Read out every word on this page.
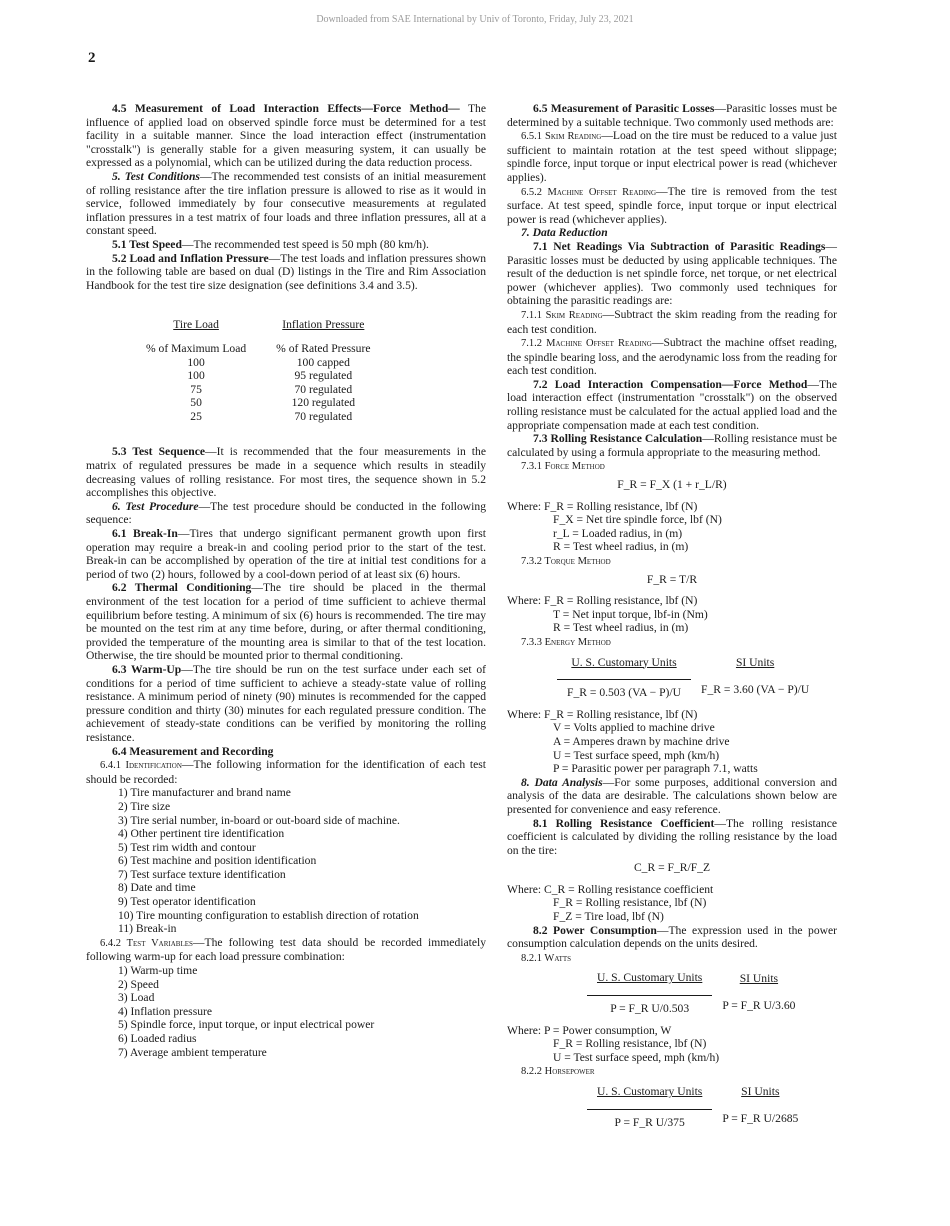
Downloaded from SAE International by Univ of Toronto, Friday, July 23, 2021
2

4.5 Measurement of Load Interaction Effects—Force Method— The influence of applied load on observed spindle force must be determined for a test facility in a suitable manner. Since the load interaction effect (instrumentation "crosstalk") is generally stable for a given measuring system, it can usually be expressed as a polynomial, which can be utilized during the data reduction process.

5. Test Conditions—The recommended test consists of an initial measurement of rolling resistance after the tire inflation pressure is allowed to rise as it would in service, followed immediately by four consecutive measurements at regulated inflation pressures in a test matrix of four loads and three inflation pressures, all at a constant speed.

5.1 Test Speed—The recommended test speed is 50 mph (80 km/h).

5.2 Load and Inflation Pressure—The test loads and inflation pressures shown in the following table are based on dual (D) listings in the Tire and Rim Association Handbook for the test tire size designation (see definitions 3.4 and 3.5).

Tire Load	Inflation Pressure
% of Maximum Load	% of Rated Pressure
100	100 capped
100	95 regulated
75	70 regulated
50	120 regulated
25	70 regulated

5.3 Test Sequence—It is recommended that the four measurements in the matrix of regulated pressures be made in a sequence which results in steadily decreasing values of rolling resistance. For most tires, the sequence shown in 5.2 accomplishes this objective.

6. Test Procedure—The test procedure should be conducted in the following sequence:

6.1 Break-In—Tires that undergo significant permanent growth upon first operation may require a break-in and cooling period prior to the start of the test. Break-in can be accomplished by operation of the tire at initial test conditions for a period of two (2) hours, followed by a cool-down period of at least six (6) hours.

6.2 Thermal Conditioning—The tire should be placed in the thermal environment of the test location for a period of time sufficient to achieve thermal equilibrium before testing. A minimum of six (6) hours is recommended. The tire may be mounted on the test rim at any time before, during, or after thermal conditioning, provided the temperature of the mounting area is similar to that of the test location. Otherwise, the tire should be mounted prior to thermal conditioning.

6.3 Warm-Up—The tire should be run on the test surface under each set of conditions for a period of time sufficient to achieve a steady-state value of rolling resistance. A minimum period of ninety (90) minutes is recommended for the capped pressure condition and thirty (30) minutes for each regulated pressure condition. The achievement of steady-state conditions can be verified by monitoring the rolling resistance.

6.4 Measurement and Recording

6.4.1 Identification—The following information for the identification of each test should be recorded:

1) Tire manufacturer and brand name
2) Tire size
3) Tire serial number, in-board or out-board side of machine.
4) Other pertinent tire identification
5) Test rim width and contour
6) Test machine and position identification
7) Test surface texture identification
8) Date and time
9) Test operator identification
10) Tire mounting configuration to establish direction of rotation
11) Break-in

6.4.2 Test Variables—The following test data should be recorded immediately following warm-up for each load pressure combination:

1) Warm-up time
2) Speed
3) Load
4) Inflation pressure
5) Spindle force, input torque, or input electrical power
6) Loaded radius
7) Average ambient temperature

6.5 Measurement of Parasitic Losses—Parasitic losses must be determined by a suitable technique. Two commonly used methods are:

6.5.1 Skim Reading—Load on the tire must be reduced to a value just sufficient to maintain rotation at the test speed without slippage; spindle force, input torque or input electrical power is read (whichever applies).

6.5.2 Machine Offset Reading—The tire is removed from the test surface. At test speed, spindle force, input torque or input electrical power is read (whichever applies).

7. Data Reduction

7.1 Net Readings Via Subtraction of Parasitic Readings—Parasitic losses must be deducted by using applicable techniques. The result of the deduction is net spindle force, net torque, or net electrical power (whichever applies). Two commonly used techniques for obtaining the parasitic readings are:

7.1.1 Skim Reading—Subtract the skim reading from the reading for each test condition.

7.1.2 Machine Offset Reading—Subtract the machine offset reading, the spindle bearing loss, and the aerodynamic loss from the reading for each test condition.

7.2 Load Interaction Compensation—Force Method—The load interaction effect (instrumentation "crosstalk") on the observed rolling resistance must be calculated for the actual applied load and the appropriate compensation made at each test condition.

7.3 Rolling Resistance Calculation—Rolling resistance must be calculated by using a formula appropriate to the measuring method.

7.3.1 Force Method

F_R = F_X (1 + r_L/R)
Where: F_R = Rolling resistance, lbf (N)
F_X = Net tire spindle force, lbf (N)
r_L = Loaded radius, in (m)
R = Test wheel radius, in (m)

7.3.2 Torque Method

F_R = T/R
Where: F_R = Rolling resistance, lbf (N)
T = Net input torque, lbf-in (Nm)
R = Test wheel radius, in (m)

7.3.3 Energy Method

U. S. Customary Units	SI Units
F_R = 0.503 (VA − P)/U	F_R = 3.60 (VA − P)/U
Where: F_R = Rolling resistance, lbf (N)
V = Volts applied to machine drive
A = Amperes drawn by machine drive
U = Test surface speed, mph (km/h)
P = Parasitic power per paragraph 7.1, watts

8. Data Analysis—For some purposes, additional conversion and analysis of the data are desirable. The calculations shown below are presented for convenience and easy reference.

8.1 Rolling Resistance Coefficient—The rolling resistance coefficient is calculated by dividing the rolling resistance by the load on the tire:

C_R = F_R/F_Z
Where: C_R = Rolling resistance coefficient
F_R = Rolling resistance, lbf (N)
F_Z = Tire load, lbf (N)

8.2 Power Consumption—The expression used in the power consumption calculation depends on the units desired.

8.2.1 Watts

U. S. Customary Units	SI Units
P = F_R U/0.503	P = F_R U/3.60
Where: P = Power consumption, W
F_R = Rolling resistance, lbf (N)
U = Test surface speed, mph (km/h)

8.2.2 Horsepower

U. S. Customary Units	SI Units
P = F_R U/375	P = F_R U/2685
